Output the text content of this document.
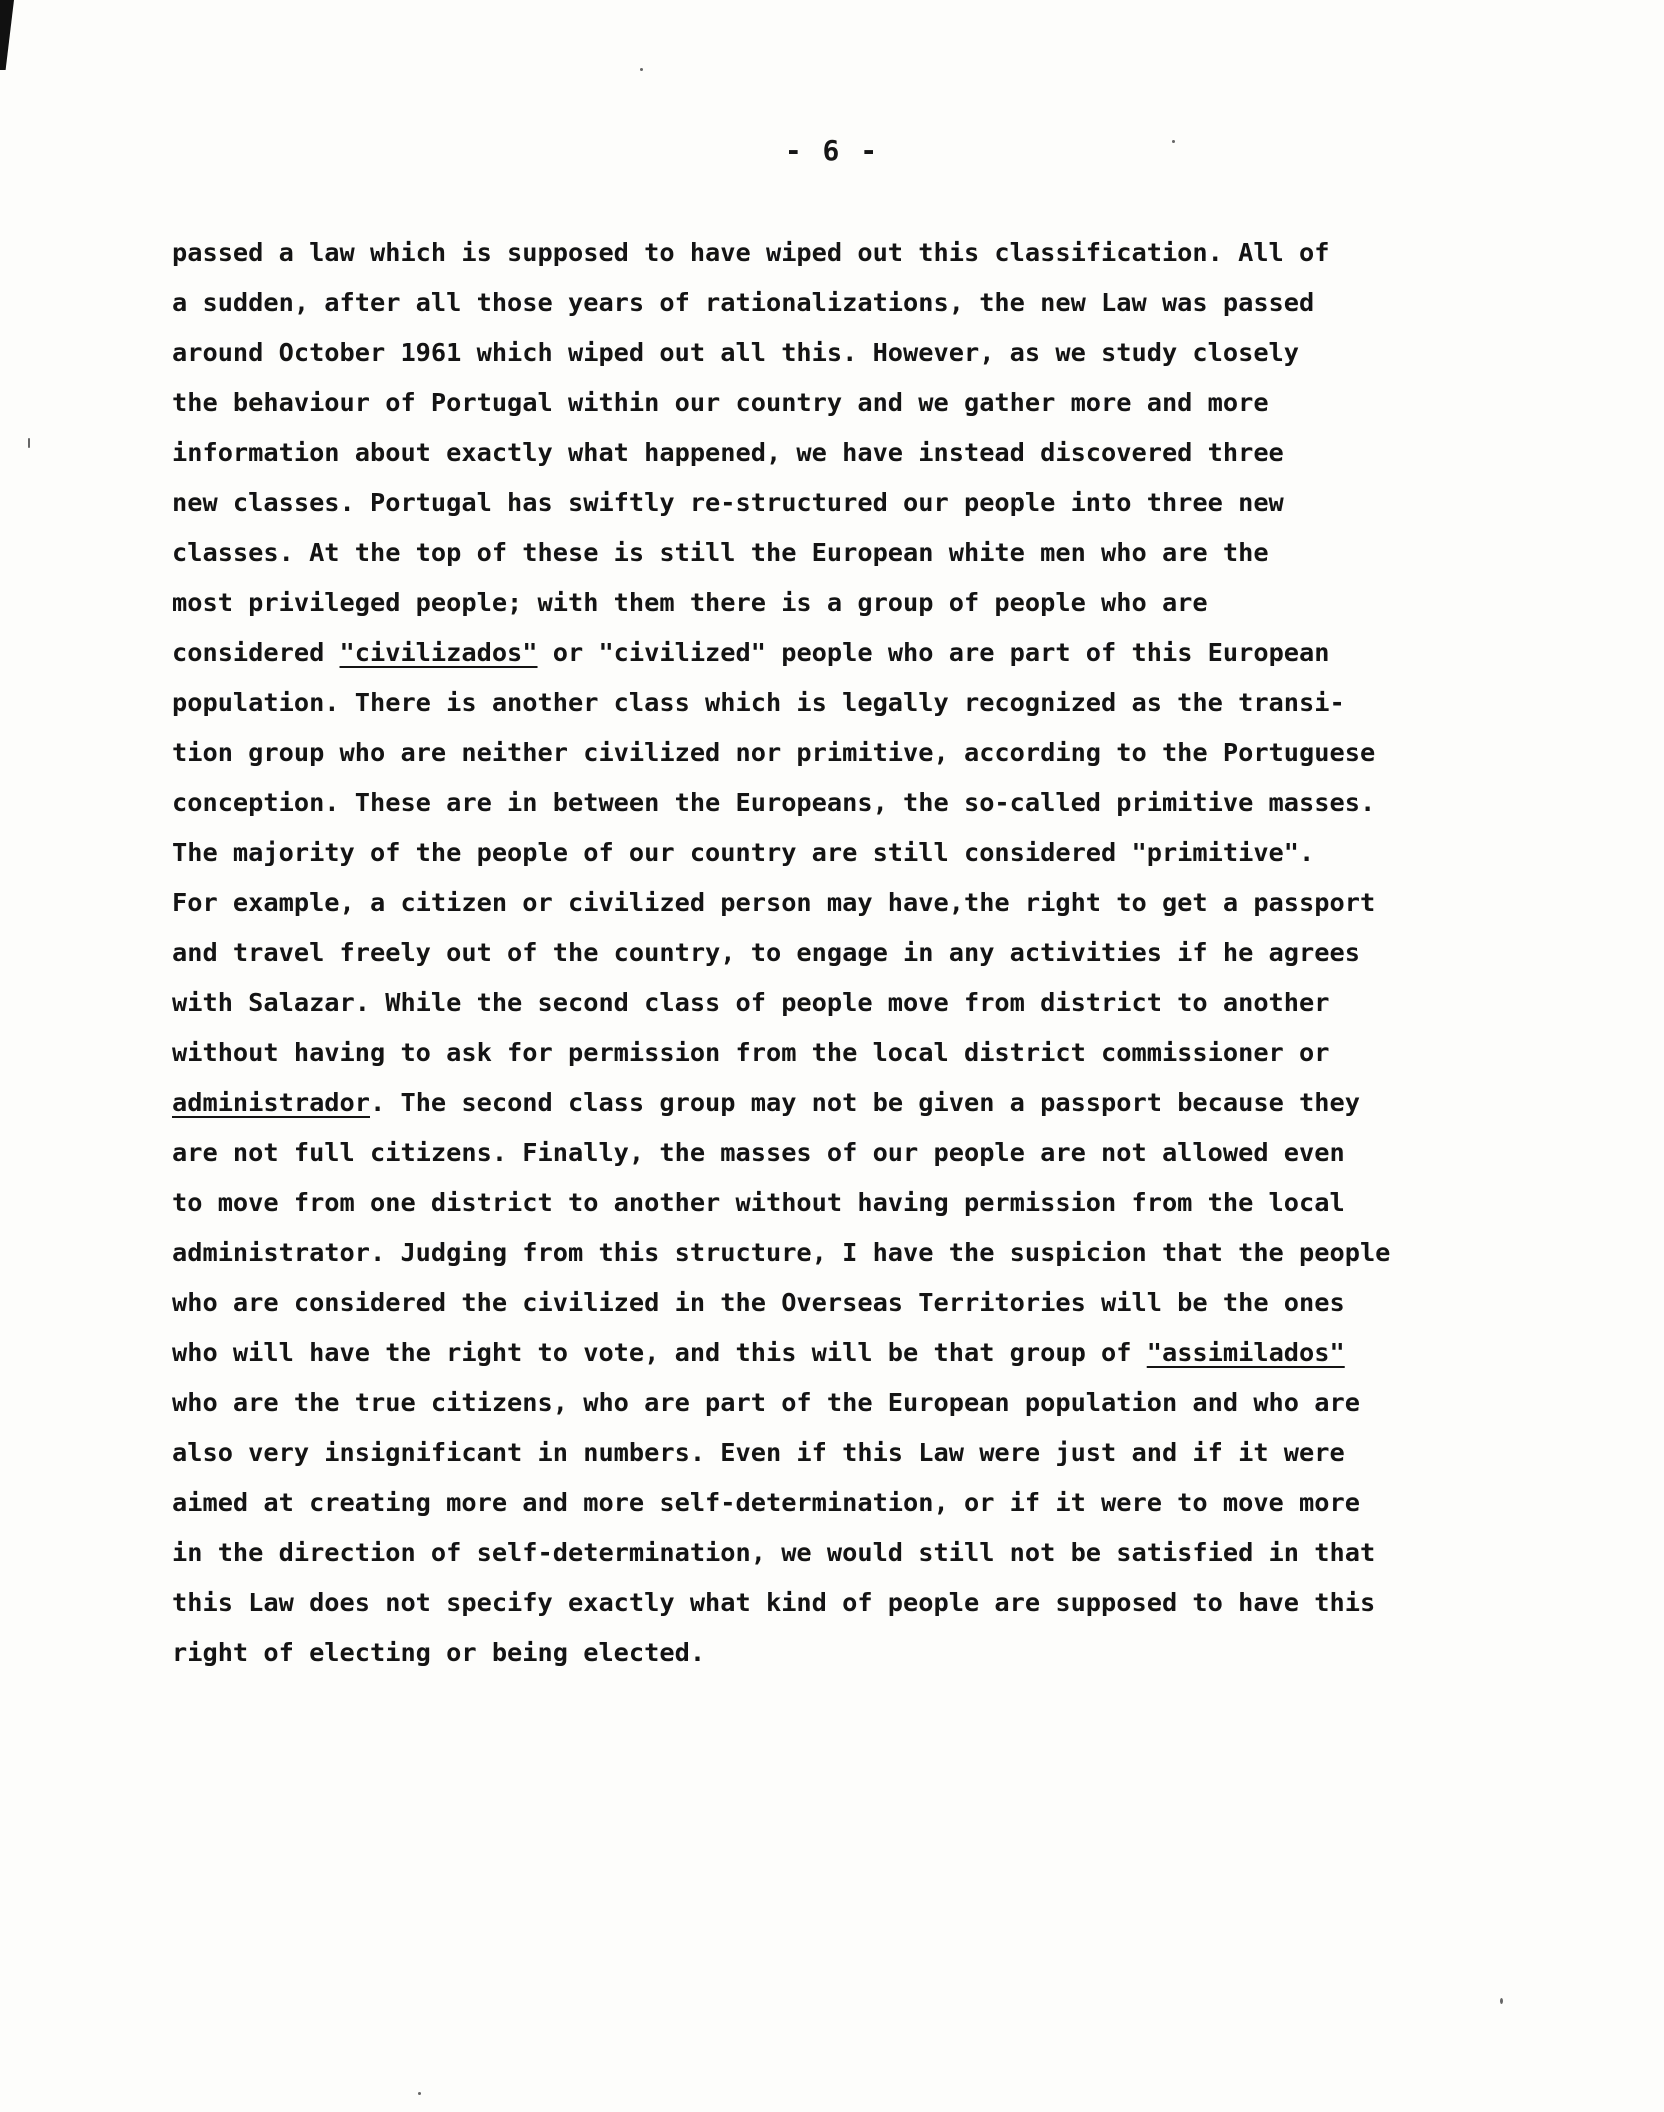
- 6 -
passed a law which is supposed to have wiped out this classification. All of
a sudden, after all those years of rationalizations, the new Law was passed
around October 1961 which wiped out all this. However, as we study closely
the behaviour of Portugal within our country and we gather more and more
information about exactly what happened, we have instead discovered three
new classes. Portugal has swiftly re-structured our people into three new
classes. At the top of these is still the European white men who are the
most privileged people; with them there is a group of people who are
considered "civilizados" or "civilized" people who are part of this European
population. There is another class which is legally recognized as the transi-
tion group who are neither civilized nor primitive, according to the Portuguese
conception. These are in between the Europeans, the so-called primitive masses.
The majority of the people of our country are still considered "primitive".
For example, a citizen or civilized person may have,the right to get a passport
and travel freely out of the country, to engage in any activities if he agrees
with Salazar. While the second class of people move from district to another
without having to ask for permission from the local district commissioner or
administrador. The second class group may not be given a passport because they
are not full citizens. Finally, the masses of our people are not allowed even
to move from one district to another without having permission from the local
administrator. Judging from this structure, I have the suspicion that the people
who are considered the civilized in the Overseas Territories will be the ones
who will have the right to vote, and this will be that group of "assimilados"
who are the true citizens, who are part of the European population and who are
also very insignificant in numbers. Even if this Law were just and if it were
aimed at creating more and more self-determination, or if it were to move more
in the direction of self-determination, we would still not be satisfied in that
this Law does not specify exactly what kind of people are supposed to have this
right of electing or being elected.
